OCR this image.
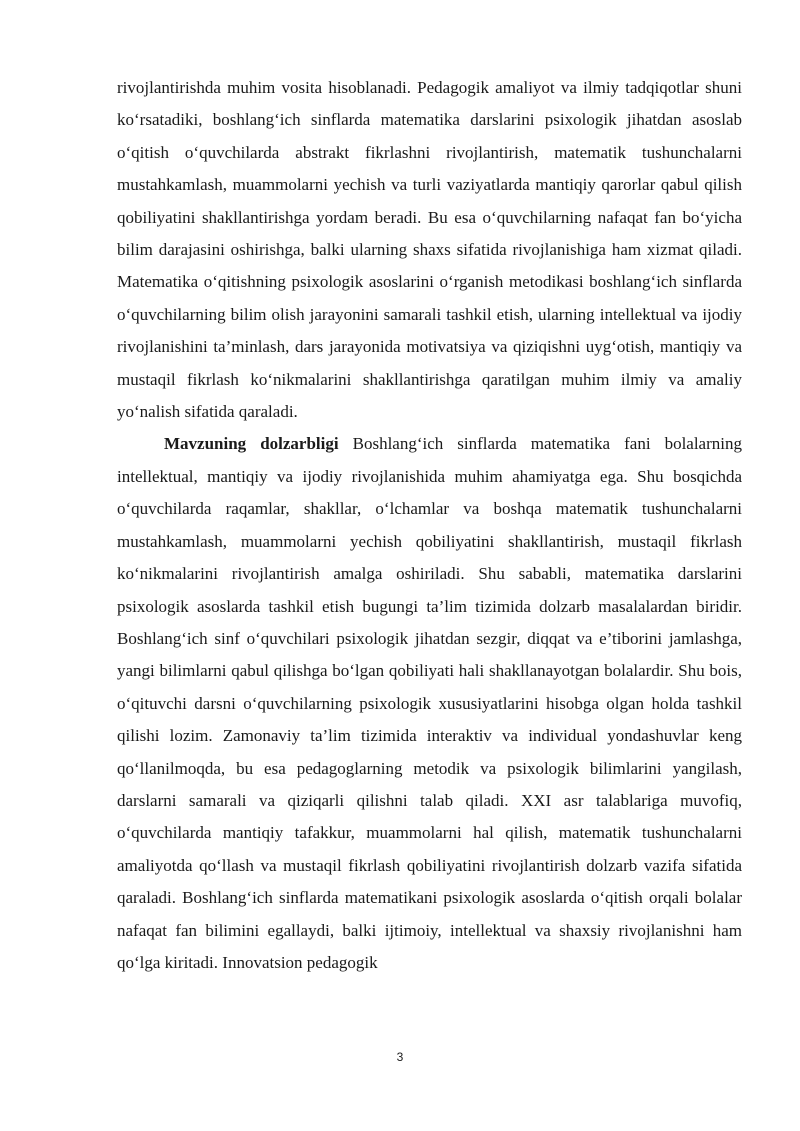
rivojlantirishda muhim vosita hisoblanadi. Pedagogik amaliyot va ilmiy tadqiqotlar shuni ko‘rsatadiki, boshlang‘ich sinflarda matematika darslarini psixologik jihatdan asoslab o‘qitish o‘quvchilarda abstrakt fikrlashni rivojlantirish, matematik tushunchalarni mustahkamlash, muammolarni yechish va turli vaziyatlarda mantiqiy qarorlar qabul qilish qobiliyatini shakllantirishga yordam beradi. Bu esa o‘quvchilarning nafaqat fan bo‘yicha bilim darajasini oshirishga, balki ularning shaxs sifatida rivojlanishiga ham xizmat qiladi. Matematika o‘qitishning psixologik asoslarini o‘rganish metodikasi boshlang‘ich sinflarda o‘quvchilarning bilim olish jarayonini samarali tashkil etish, ularning intellektual va ijodiy rivojlanishini ta’minlash, dars jarayonida motivatsiya va qiziqishni uyg‘otish, mantiqiy va mustaqil fikrlash ko‘nikmalarini shakllantirishga qaratilgan muhim ilmiy va amaliy yo‘nalish sifatida qaraladi.

Mavzuning dolzarbligi Boshlang‘ich sinflarda matematika fani bolalarning intellektual, mantiqiy va ijodiy rivojlanishida muhim ahamiyatga ega. Shu bosqichda o‘quvchilarda raqamlar, shakllar, o‘lchamlar va boshqa matematik tushunchalarni mustahkamlash, muammolarni yechish qobiliyatini shakllantirish, mustaqil fikrlash ko‘nikmalarini rivojlantirish amalga oshiriladi. Shu sababli, matematika darslarini psixologik asoslarda tashkil etish bugungi ta’lim tizimida dolzarb masalalardan biridir. Boshlang‘ich sinf o‘quvchilari psixologik jihatdan sezgir, diqqat va e’tiborini jamlashga, yangi bilimlarni qabul qilishga bo‘lgan qobiliyati hali shakllanayotgan bolalardir. Shu bois, o‘qituvchi darsni o‘quvchilarning psixologik xususiyatlarini hisobga olgan holda tashkil qilishi lozim. Zamonaviy ta’lim tizimida interaktiv va individual yondashuvlar keng qo‘llanilmoqda, bu esa pedagoglarning metodik va psixologik bilimlarini yangilash, darslarni samarali va qiziqarli qilishni talab qiladi. XXI asr talablariga muvofiq, o‘quvchilarda mantiqiy tafakkur, muammolarni hal qilish, matematik tushunchalarni amaliyotda qo‘llash va mustaqil fikrlash qobiliyatini rivojlantirish dolzarb vazifa sifatida qaraladi. Boshlang‘ich sinflarda matematikani psixologik asoslarda o‘qitish orqali bolalar nafaqat fan bilimini egallaydi, balki ijtimoiy, intellektual va shaxsiy rivojlanishni ham qo‘lga kiritadi. Innovatsion pedagogik

3
